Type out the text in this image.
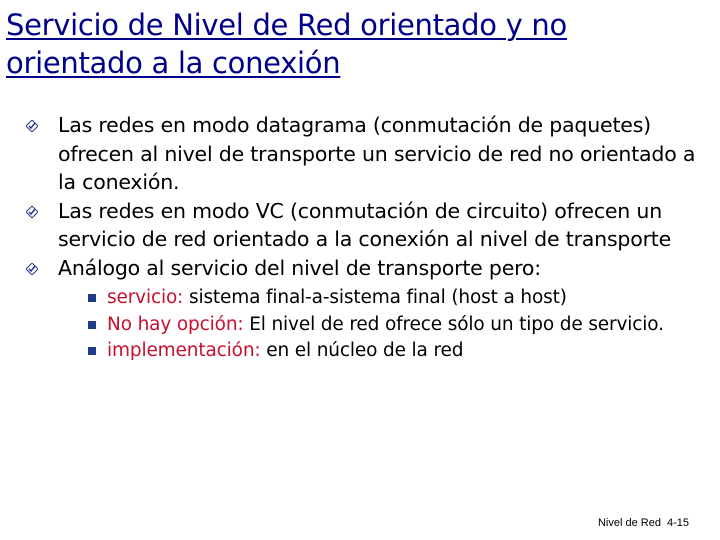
Servicio de Nivel de Red orientado y no orientado a la conexión
Las redes en modo datagrama (conmutación de paquetes) ofrecen al nivel de transporte un servicio de red no orientado a la conexión.
Las redes en modo VC (conmutación de circuito) ofrecen un servicio de red orientado a la conexión al nivel de transporte
Análogo al servicio del nivel de transporte pero:
servicio: sistema final-a-sistema final (host a host)
No hay opción: El nivel de red ofrece sólo un tipo de servicio.
implementación: en el núcleo de la red
Nivel de Red 4-15
